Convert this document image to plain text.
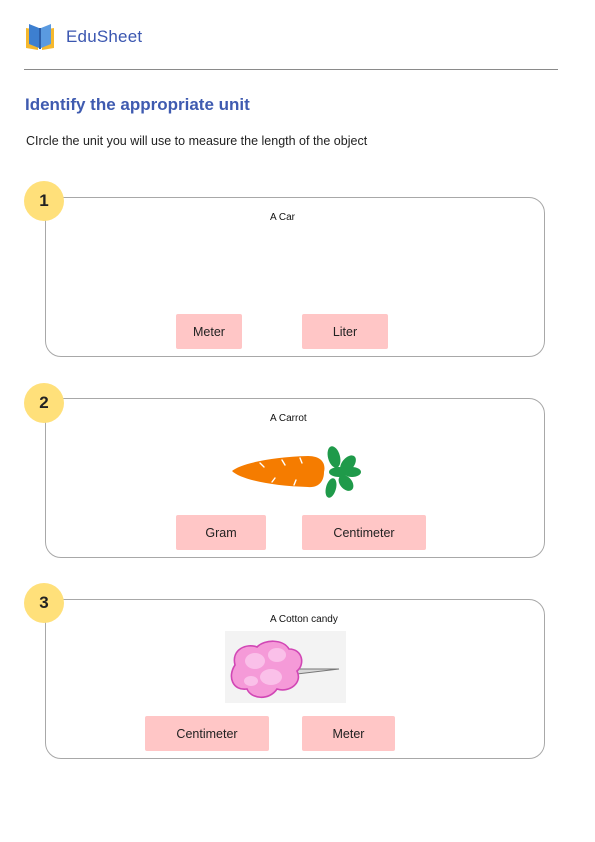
EduSheet
Identify the appropriate unit
CIrcle the unit you will use to measure the length of the object
1
A Car
Meter	Liter
2
A Carrot
Gram	Centimeter
3
A Cotton candy
Centimeter	Meter
